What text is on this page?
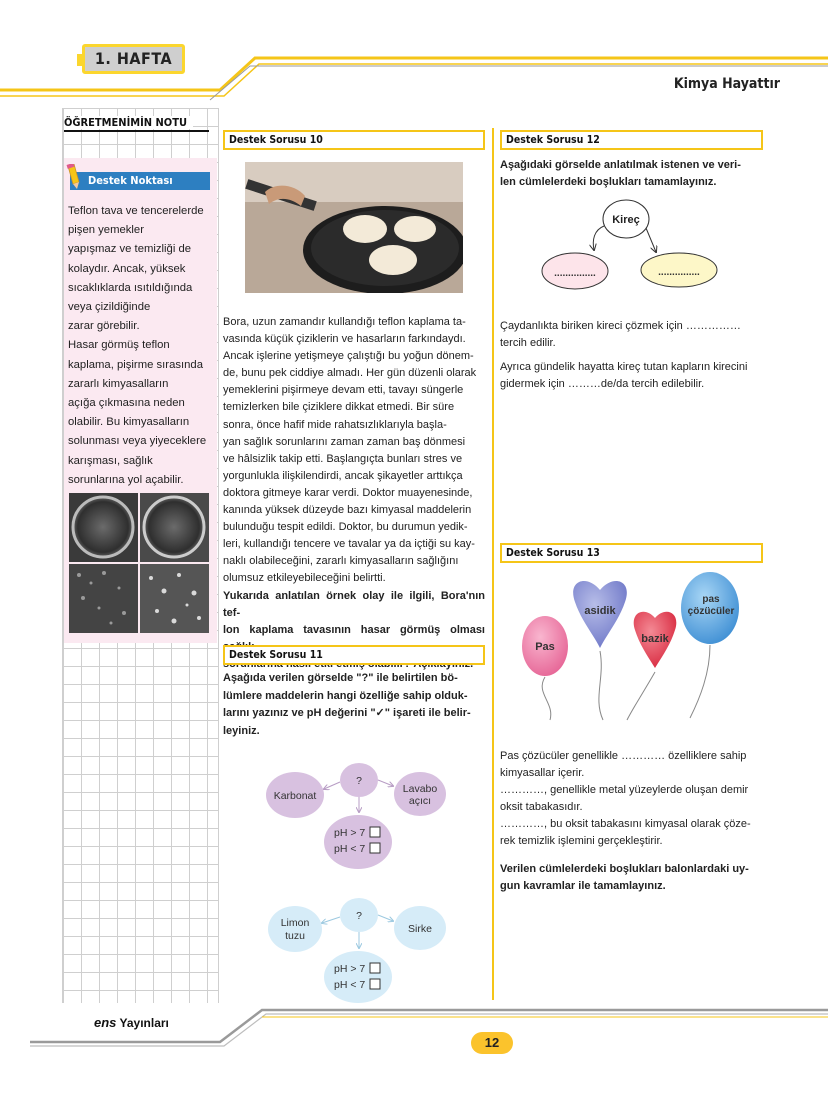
1. HAFTA
Kimya Hayattır
ÖĞRETMENİMİN NOTU
Destek Noktası
Teflon tava ve tencerelerde
pişen yemekler
yapışmaz ve temizliği de
kolaydır. Ancak, yüksek
sıcaklıklarda ısıtıldığında
veya çizildiğinde
zarar görebilir.
Hasar görmüş teflon
kaplama, pişirme sırasında
zararlı kimyasalların
açığa çıkmasına neden
olabilir. Bu kimyasalların
solunması veya yiyeceklere
karışması, sağlık
sorunlarına yol açabilir.
Destek Sorusu 10
Bora, uzun zamandır kullandığı teflon kaplama ta-
vasında küçük çiziklerin ve hasarların farkındaydı.
Ancak işlerine yetişmeye çalıştığı bu yoğun dönem-
de, bunu pek ciddiye almadı. Her gün düzenli olarak
yemeklerini pişirmeye devam etti, tavayı süngerle
temizlerken bile çiziklere dikkat etmedi. Bir süre
sonra, önce hafif mide rahatsızlıklarıyla başla-
yan sağlık sorunlarını zaman zaman baş dönmesi
ve hâlsizlik takip etti. Başlangıçta bunları stres ve
yorgunlukla ilişkilendirdi, ancak şikayetler arttıkça
doktora gitmeye karar verdi. Doktor muayenesinde,
kanında yüksek düzeyde bazı kimyasal maddelerin
bulunduğu tespit edildi. Doktor, bu durumun yedik-
leri, kullandığı tencere ve tavalar ya da içtiği su kay-
naklı olabileceğini, zararlı kimyasalların sağlığını
olumsuz etkileyebileceğini belirtti.
Yukarıda anlatılan örnek olay ile ilgili, Bora'nın tef-
lon kaplama tavasının hasar görmüş olması
Destek Sorusu 11
Aşağıda verilen görselde "?" ile belirtilen bö-
lümlere maddelerin hangi özelliğe sahip olduk-
larını yazınız ve pH değerini "✓" işareti ile belir-
leyiniz.
Karbonat
?
Lavabo
açıcı
pH > 7
pH < 7
Limon
tuzu
?
Sirke
pH > 7
pH < 7
Destek Sorusu 12
Aşağıdaki görselde anlatılmak istenen ve veri-
len cümlelerdeki boşlukları tamamlayınız.
Kireç
...............	...............
Çaydanlıkta biriken kireci çözmek için ……………
tercih edilir.
Ayrıca gündelik hayatta kireç tutan kapların kirecini
gidermek için ………de/da tercih edilebilir.
Destek Sorusu 13
Pas
asidik
bazik
pas
çözücüler
Pas çözücüler genellikle ………… özelliklere sahip
kimyasallar içerir.
…………, genellikle metal yüzeylerde oluşan demir
oksit tabakasıdır.
…………, bu oksit tabakasını kimyasal olarak çöze-
rek temizlik işlemini gerçekleştirir.
Verilen cümlelerdeki boşlukları balonlardaki uy-
gun kavramlar ile tamamlayınız.
ens Yayınları
12
